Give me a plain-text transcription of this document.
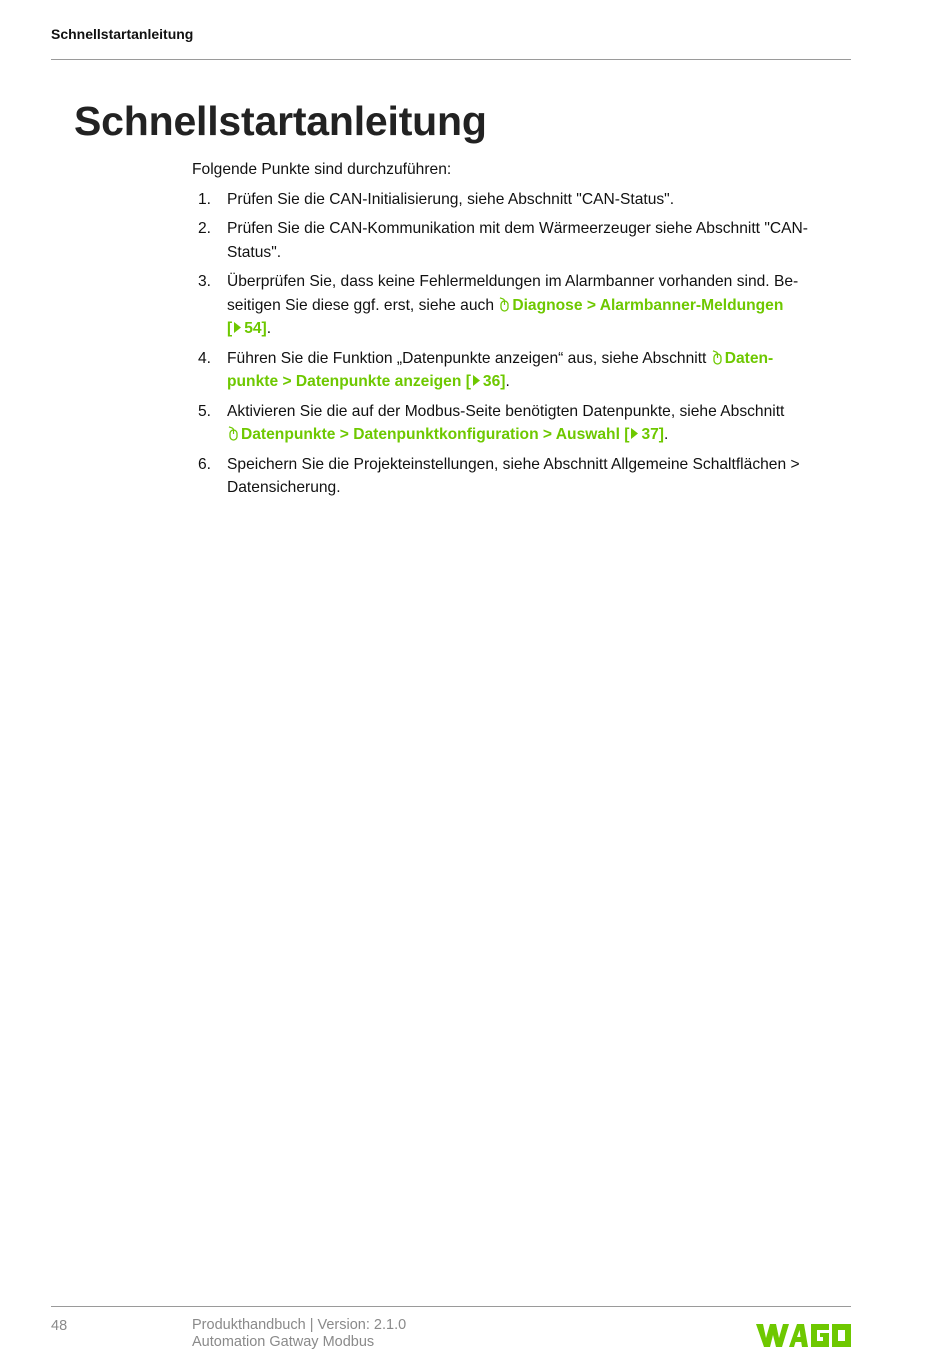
Schnellstartanleitung
Schnellstartanleitung

Folgende Punkte sind durchzuführen:

1. Prüfen Sie die CAN-Initialisierung, siehe Abschnitt "CAN-Status".
2. Prüfen Sie die CAN-Kommunikation mit dem Wärmeerzeuger siehe Abschnitt "CAN-
Status".
3. Überprüfen Sie, dass keine Fehlermeldungen im Alarmbanner vorhanden sind. Be-
seitigen Sie diese ggf. erst, siehe auch Diagnose > Alarmbanner-Meldungen
[ 54].
4. Führen Sie die Funktion „Datenpunkte anzeigen“ aus, siehe Abschnitt Daten-
punkte > Datenpunkte anzeigen [ 36].
5. Aktivieren Sie die auf der Modbus-Seite benötigten Datenpunkte, siehe Abschnitt
Datenpunkte > Datenpunktkonfiguration > Auswahl [ 37].
6. Speichern Sie die Projekteinstellungen, siehe Abschnitt Allgemeine Schaltflächen >
Datensicherung.
48	Produkthandbuch | Version: 2.1.0
Automation Gatway Modbus
